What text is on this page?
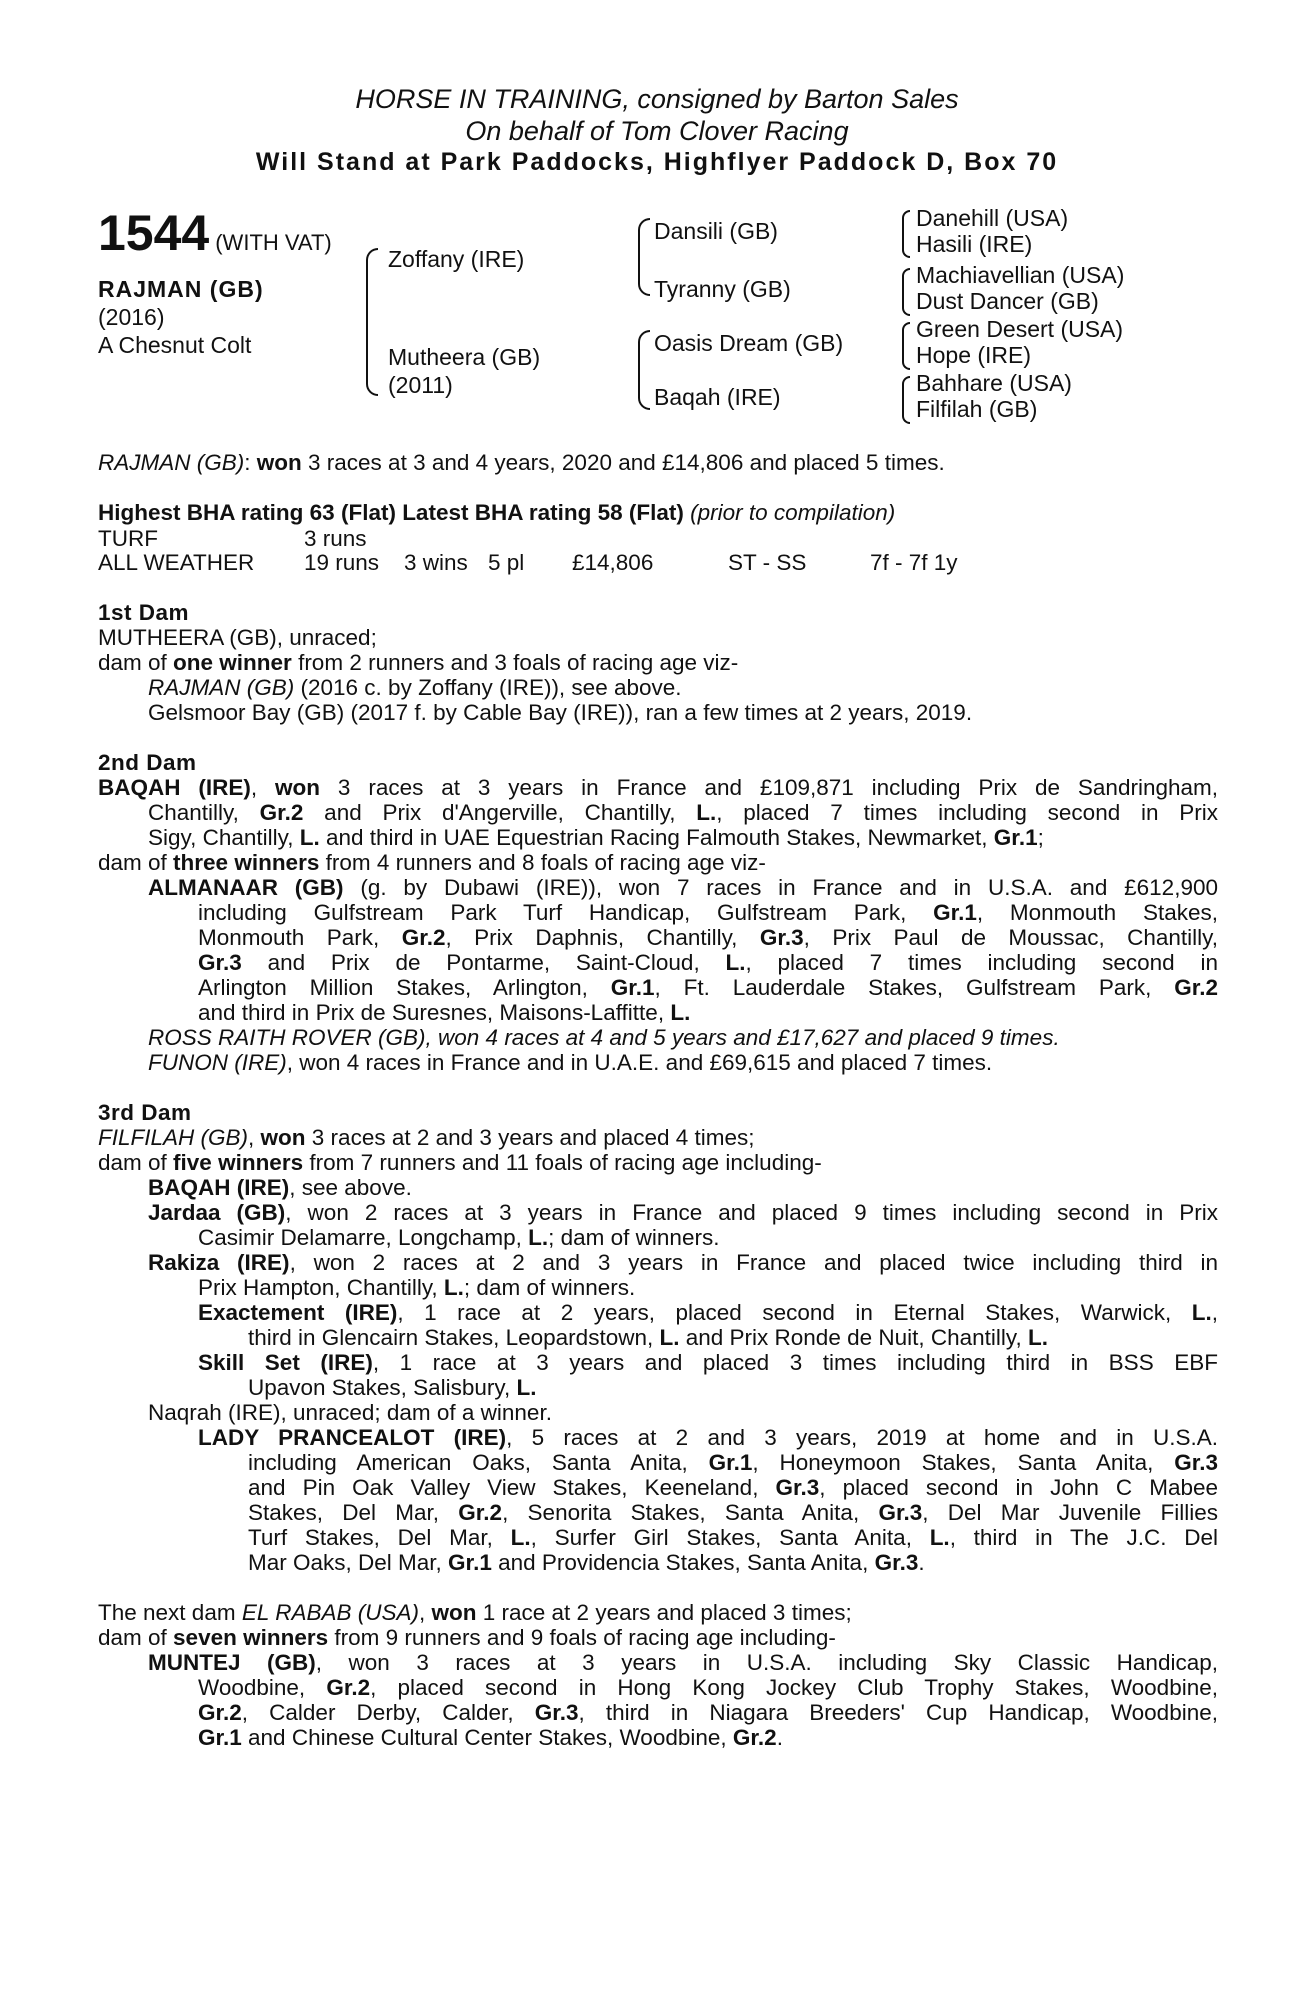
HORSE IN TRAINING, consigned by Barton Sales
On behalf of Tom Clover Racing
Will Stand at Park Paddocks, Highflyer Paddock D, Box 70
1544 (WITH VAT)
RAJMAN (GB)
(2016)
A Chesnut Colt
Zoffany (IRE)
Mutheera (GB)
(2011)
Dansili (GB)
Tyranny (GB)
Oasis Dream (GB)
Baqah (IRE)
Danehill (USA)
Hasili (IRE)
Machiavellian (USA)
Dust Dancer (GB)
Green Desert (USA)
Hope (IRE)
Bahhare (USA)
Filfilah (GB)
RAJMAN (GB): won 3 races at 3 and 4 years, 2020 and £14,806 and placed 5 times.
Highest BHA rating 63 (Flat) Latest BHA rating 58 (Flat) (prior to compilation)
TURF	3 runs
ALL WEATHER 19 runs 3 wins 5 pl £14,806	ST - SS	7f - 7f 1y
1st Dam
MUTHEERA (GB), unraced;
dam of one winner from 2 runners and 3 foals of racing age viz-
RAJMAN (GB) (2016 c. by Zoffany (IRE)), see above.
Gelsmoor Bay (GB) (2017 f. by Cable Bay (IRE)), ran a few times at 2 years, 2019.
2nd Dam
BAQAH (IRE), won 3 races at 3 years in France and £109,871 including Prix de Sandringham,
Chantilly, Gr.2 and Prix d'Angerville, Chantilly, L., placed 7 times including second in Prix
Sigy, Chantilly, L. and third in UAE Equestrian Racing Falmouth Stakes, Newmarket, Gr.1;
dam of three winners from 4 runners and 8 foals of racing age viz-
ALMANAAR (GB) (g. by Dubawi (IRE)), won 7 races in France and in U.S.A. and £612,900
including Gulfstream Park Turf Handicap, Gulfstream Park, Gr.1, Monmouth Stakes,
Monmouth Park, Gr.2, Prix Daphnis, Chantilly, Gr.3, Prix Paul de Moussac, Chantilly,
Gr.3 and Prix de Pontarme, Saint-Cloud, L., placed 7 times including second in
Arlington Million Stakes, Arlington, Gr.1, Ft. Lauderdale Stakes, Gulfstream Park, Gr.2
and third in Prix de Suresnes, Maisons-Laffitte, L.
ROSS RAITH ROVER (GB), won 4 races at 4 and 5 years and £17,627 and placed 9 times.
FUNON (IRE), won 4 races in France and in U.A.E. and £69,615 and placed 7 times.
3rd Dam
FILFILAH (GB), won 3 races at 2 and 3 years and placed 4 times;
dam of five winners from 7 runners and 11 foals of racing age including-
BAQAH (IRE), see above.
Jardaa (GB), won 2 races at 3 years in France and placed 9 times including second in Prix
Casimir Delamarre, Longchamp, L.; dam of winners.
Rakiza (IRE), won 2 races at 2 and 3 years in France and placed twice including third in
Prix Hampton, Chantilly, L.; dam of winners.
Exactement (IRE), 1 race at 2 years, placed second in Eternal Stakes, Warwick, L.,
third in Glencairn Stakes, Leopardstown, L. and Prix Ronde de Nuit, Chantilly, L.
Skill Set (IRE), 1 race at 3 years and placed 3 times including third in BSS EBF
Upavon Stakes, Salisbury, L.
Naqrah (IRE), unraced; dam of a winner.
LADY PRANCEALOT (IRE), 5 races at 2 and 3 years, 2019 at home and in U.S.A.
including American Oaks, Santa Anita, Gr.1, Honeymoon Stakes, Santa Anita, Gr.3
and Pin Oak Valley View Stakes, Keeneland, Gr.3, placed second in John C Mabee
Stakes, Del Mar, Gr.2, Senorita Stakes, Santa Anita, Gr.3, Del Mar Juvenile Fillies
Turf Stakes, Del Mar, L., Surfer Girl Stakes, Santa Anita, L., third in The J.C. Del
Mar Oaks, Del Mar, Gr.1 and Providencia Stakes, Santa Anita, Gr.3.
The next dam EL RABAB (USA), won 1 race at 2 years and placed 3 times;
dam of seven winners from 9 runners and 9 foals of racing age including-
MUNTEJ (GB), won 3 races at 3 years in U.S.A. including Sky Classic Handicap,
Woodbine, Gr.2, placed second in Hong Kong Jockey Club Trophy Stakes, Woodbine,
Gr.2, Calder Derby, Calder, Gr.3, third in Niagara Breeders' Cup Handicap, Woodbine,
Gr.1 and Chinese Cultural Center Stakes, Woodbine, Gr.2.
